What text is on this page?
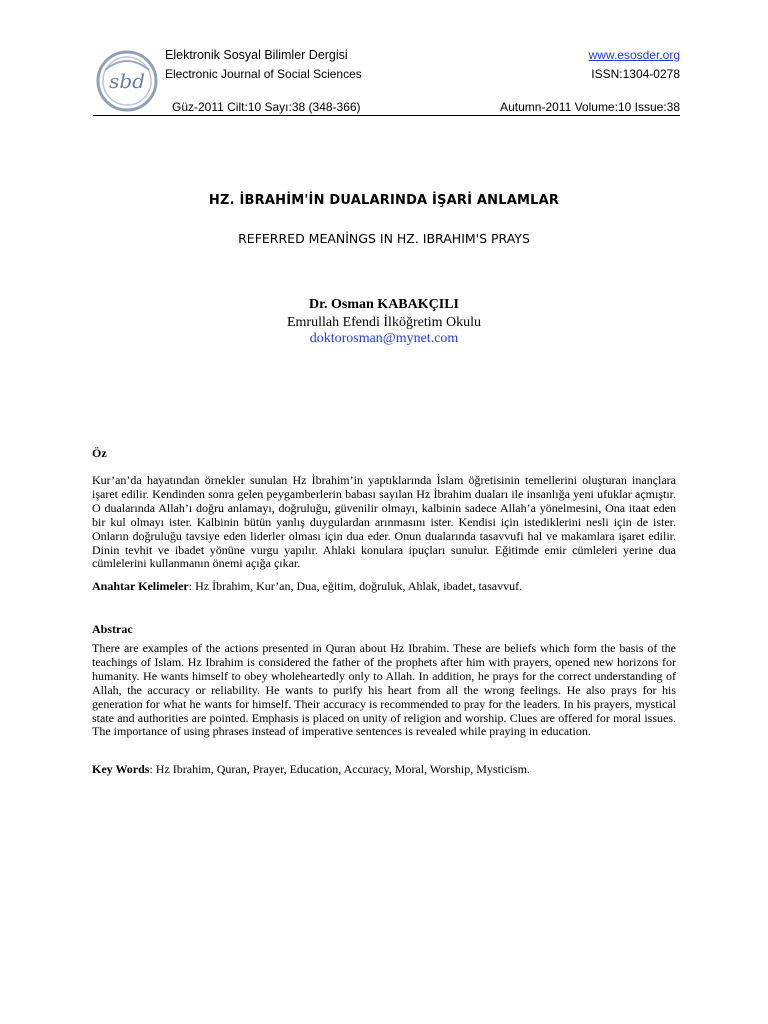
sbd
Elektronik Sosyal Bilimler Dergisi
Electronic Journal of Social Sciences
www.esosder.org
ISSN:1304-0278
Güz-2011 Cilt:10 Sayı:38 (348-366)	Autumn-2011 Volume:10 Issue:38
HZ. İBRAHİM'İN DUALARINDA İŞARİ ANLAMLAR
REFERRED MEANİNGS IN HZ. IBRAHIM'S PRAYS
Dr. Osman KABAKÇILI
Emrullah Efendi İlköğretim Okulu
doktorosman@mynet.com
Öz

Kur’an’da hayatından örnekler sunulan Hz İbrahim’in yaptıklarında İslam öğretisinin temellerini oluşturan inançlara işaret edilir. Kendinden sonra gelen peygamberlerin babası sayılan Hz İbrahim duaları ile insanlığa yeni ufuklar açmıştır. O dualarında Allah’ı doğru anlamayı, doğruluğu, güvenilir olmayı, kalbinin sadece Allah’a yönelmesini, Ona itaat eden bir kul olmayı ister. Kalbinin bütün yanlış duygulardan arınmasını ister. Kendisi için istediklerini nesli için de ister. Onların doğruluğu tavsiye eden liderler olması için dua eder. Onun dualarında tasavvufi hal ve makamlara işaret edilir. Dinin tevhit ve ibadet yönüne vurgu yapılır. Ahlaki konulara ipuçları sunulur. Eğitimde emir cümleleri yerine dua cümlelerini kullanmanın önemi açığa çıkar.

Anahtar Kelimeler: Hz İbrahim, Kur’an, Dua, eğitim, doğruluk, Ahlak, ibadet, tasavvuf.
Abstrac

There are examples of the actions presented in Quran about Hz Ibrahim. These are beliefs which form the basis of the teachings of Islam. Hz Ibrahim is considered the father of the prophets after him with prayers, opened new horizons for humanity. He wants himself to obey wholeheartedly only to Allah. In addition, he prays for the correct understanding of Allah, the accuracy or reliability. He wants to purify his heart from all the wrong feelings. He also prays for his generation for what he wants for himself. Their accuracy is recommended to pray for the leaders. In his prayers, mystical state and authorities are pointed. Emphasis is placed on unity of religion and worship. Clues are offered for moral issues. The importance of using phrases instead of imperative sentences is revealed while praying in education.

Key Words: Hz Ibrahim, Quran, Prayer, Education, Accuracy, Moral, Worship, Mysticism.
